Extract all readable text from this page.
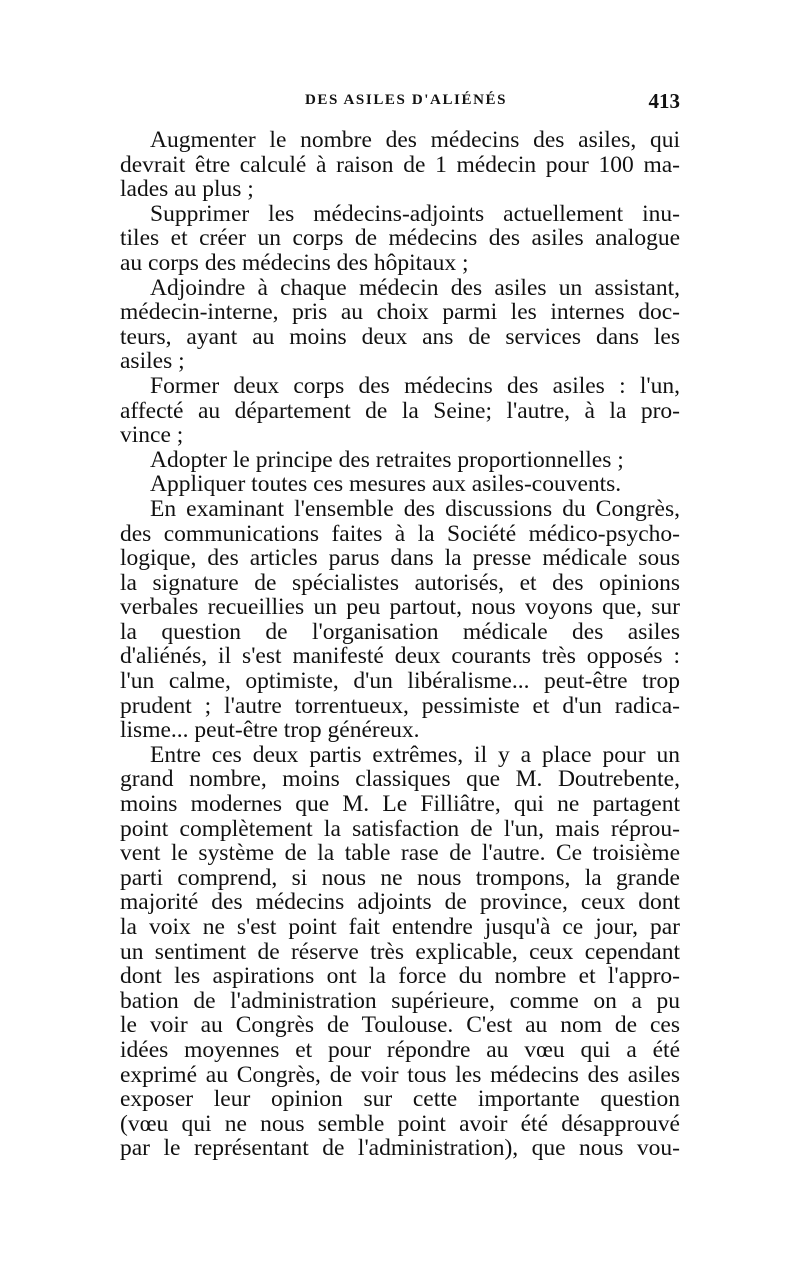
DES ASILES D'ALIÉNÉS	413
Augmenter le nombre des médecins des asiles, qui
devrait être calculé à raison de 1 médecin pour 100 ma-
lades au plus ;
Supprimer les médecins-adjoints actuellement inu-
tiles et créer un corps de médecins des asiles analogue
au corps des médecins des hôpitaux ;
Adjoindre à chaque médecin des asiles un assistant,
médecin-interne, pris au choix parmi les internes doc-
teurs, ayant au moins deux ans de services dans les
asiles ;
Former deux corps des médecins des asiles : l'un,
affecté au département de la Seine; l'autre, à la pro-
vince ;
Adopter le principe des retraites proportionnelles ;
Appliquer toutes ces mesures aux asiles-couvents.
En examinant l'ensemble des discussions du Congrès,
des communications faites à la Société médico-psycho-
logique, des articles parus dans la presse médicale sous
la signature de spécialistes autorisés, et des opinions
verbales recueillies un peu partout, nous voyons que, sur
la question de l'organisation médicale des asiles
d'aliénés, il s'est manifesté deux courants très opposés :
l'un calme, optimiste, d'un libéralisme... peut-être trop
prudent ; l'autre torrentueux, pessimiste et d'un radica-
lisme... peut-être trop généreux.
Entre ces deux partis extrêmes, il y a place pour un
grand nombre, moins classiques que M. Doutrebente,
moins modernes que M. Le Filliâtre, qui ne partagent
point complètement la satisfaction de l'un, mais réprou-
vent le système de la table rase de l'autre. Ce troisième
parti comprend, si nous ne nous trompons, la grande
majorité des médecins adjoints de province, ceux dont
la voix ne s'est point fait entendre jusqu'à ce jour, par
un sentiment de réserve très explicable, ceux cependant
dont les aspirations ont la force du nombre et l'appro-
bation de l'administration supérieure, comme on a pu
le voir au Congrès de Toulouse. C'est au nom de ces
idées moyennes et pour répondre au vœu qui a été
exprimé au Congrès, de voir tous les médecins des asiles
exposer leur opinion sur cette importante question
(vœu qui ne nous semble point avoir été désapprouvé
par le représentant de l'administration), que nous vou-
